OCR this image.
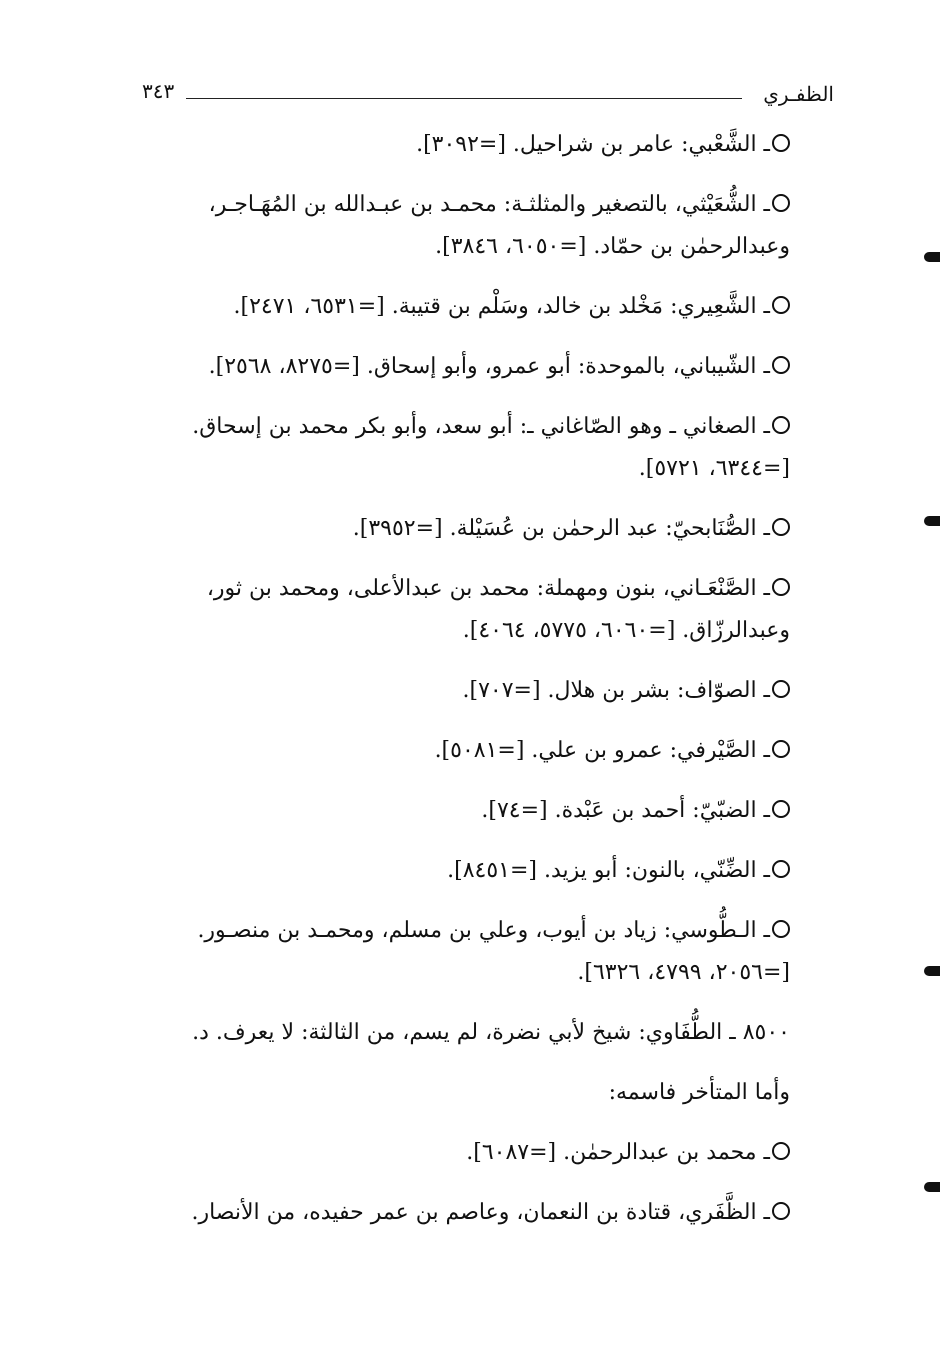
٣٤٣	الظفـري

ـ الشَّعْبي: عامر بن شراحيل. [=٣٠٩٢].

ـ الشُّعَيْثي، بالتصغير والمثلثـة: محمـد بن عبـدالله بن المُهَـاجـر، وعبدالرحمٰن بن حمّاد. [=٦٠٥٠، ٣٨٤٦].

ـ الشَّعِيري: مَخْلد بن خالد، وسَلْم بن قتيبة. [=٦٥٣١، ٢٤٧١].

ـ الشّيباني، بالموحدة: أبو عمرو، وأبو إسحاق. [=٨٢٧٥، ٢٥٦٨].

ـ الصغاني ـ وهو الصّاغاني ـ: أبو سعد، وأبو بكر محمد بن إسحاق. [=٦٣٤٤، ٥٧٢١].

ـ الصُّنَابحيّ: عبد الرحمٰن بن عُسَيْلة. [=٣٩٥٢].

ـ الصَّنْعَـاني، بنون ومهملة: محمد بن عبدالأعلى، ومحمد بن ثور، وعبدالرزّاق. [=٦٠٦٠، ٥٧٧٥، ٤٠٦٤].

ـ الصوّاف: بشر بن هلال. [=٧٠٧].

ـ الصَّيْرفي: عمرو بن علي. [=٥٠٨١].

ـ الضبّيّ: أحمد بن عَبْدة. [=٧٤].

ـ الضِّنّي، بالنون: أبو يزيد. [=٨٤٥١].

ـ الـطُّوسي: زياد بن أيوب، وعلي بن مسلم، ومحمـد بن منصـور. [=٢٠٥٦، ٤٧٩٩، ٦٣٢٦].

٨٥٠٠ ـ الطُّفَاوي: شيخ لأبي نضرة، لم يسم، من الثالثة: لا يعرف. د.

وأما المتأخر فاسمه:

ـ محمد بن عبدالرحمٰن. [=٦٠٨٧].

ـ الظَّفَري، قتادة بن النعمان، وعاصم بن عمر حفيده، من الأنصار.
